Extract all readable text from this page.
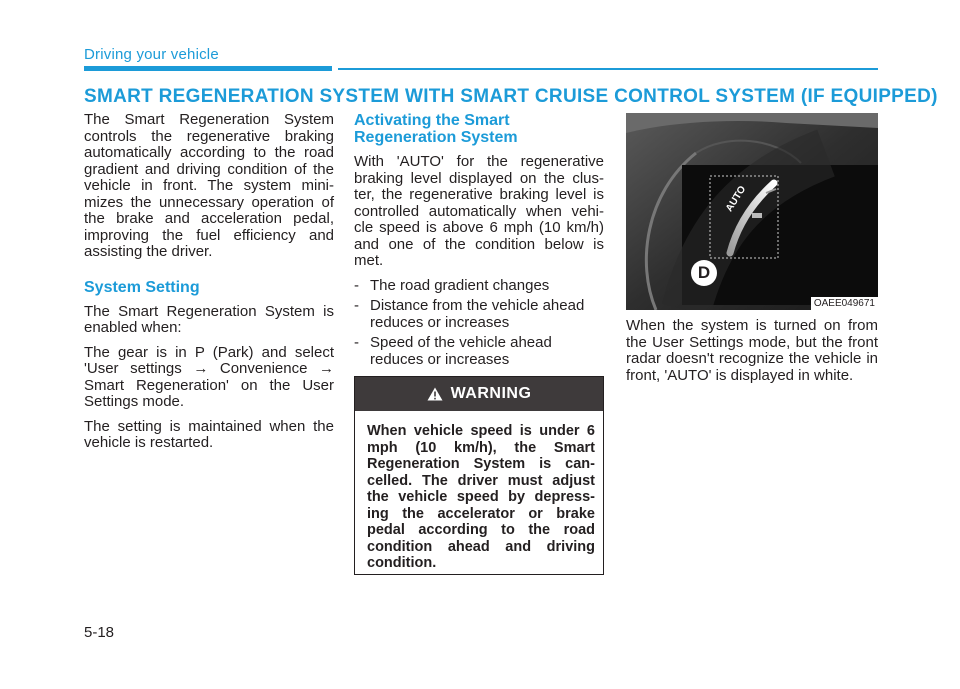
Driving your vehicle
SMART REGENERATION SYSTEM WITH SMART CRUISE CONTROL SYSTEM (IF EQUIPPED)

The Smart Regeneration System controls the regenerative braking automatically according to the road gradient and driving condition of the vehicle in front. The system mini-mizes the unnecessary operation of the brake and acceleration pedal, improving the fuel efficiency and assisting the driver.

System Setting

The Smart Regeneration System is enabled when:

The gear is in P (Park) and select 'User settings → Convenience → Smart Regeneration' on the User Settings mode.

The setting is maintained when the vehicle is restarted.

Activating the Smart Regeneration System

With 'AUTO' for the regenerative braking level displayed on the clus-ter, the regenerative braking level is controlled automatically when vehi-cle speed is above 6 mph (10 km/h) and one of the condition below is met.

- The road gradient changes
- Distance from the vehicle ahead reduces or increases
- Speed of the vehicle ahead reduces or increases
WARNING
When vehicle speed is under 6 mph (10 km/h), the Smart Regeneration System is can-celled. The driver must adjust the vehicle speed by depress-ing the accelerator or brake pedal according to the road condition ahead and driving condition.
AUTO
D
OAEE049671

When the system is turned on from the User Settings mode, but the front radar doesn't recognize the vehicle in front, 'AUTO' is displayed in white.

5-18
